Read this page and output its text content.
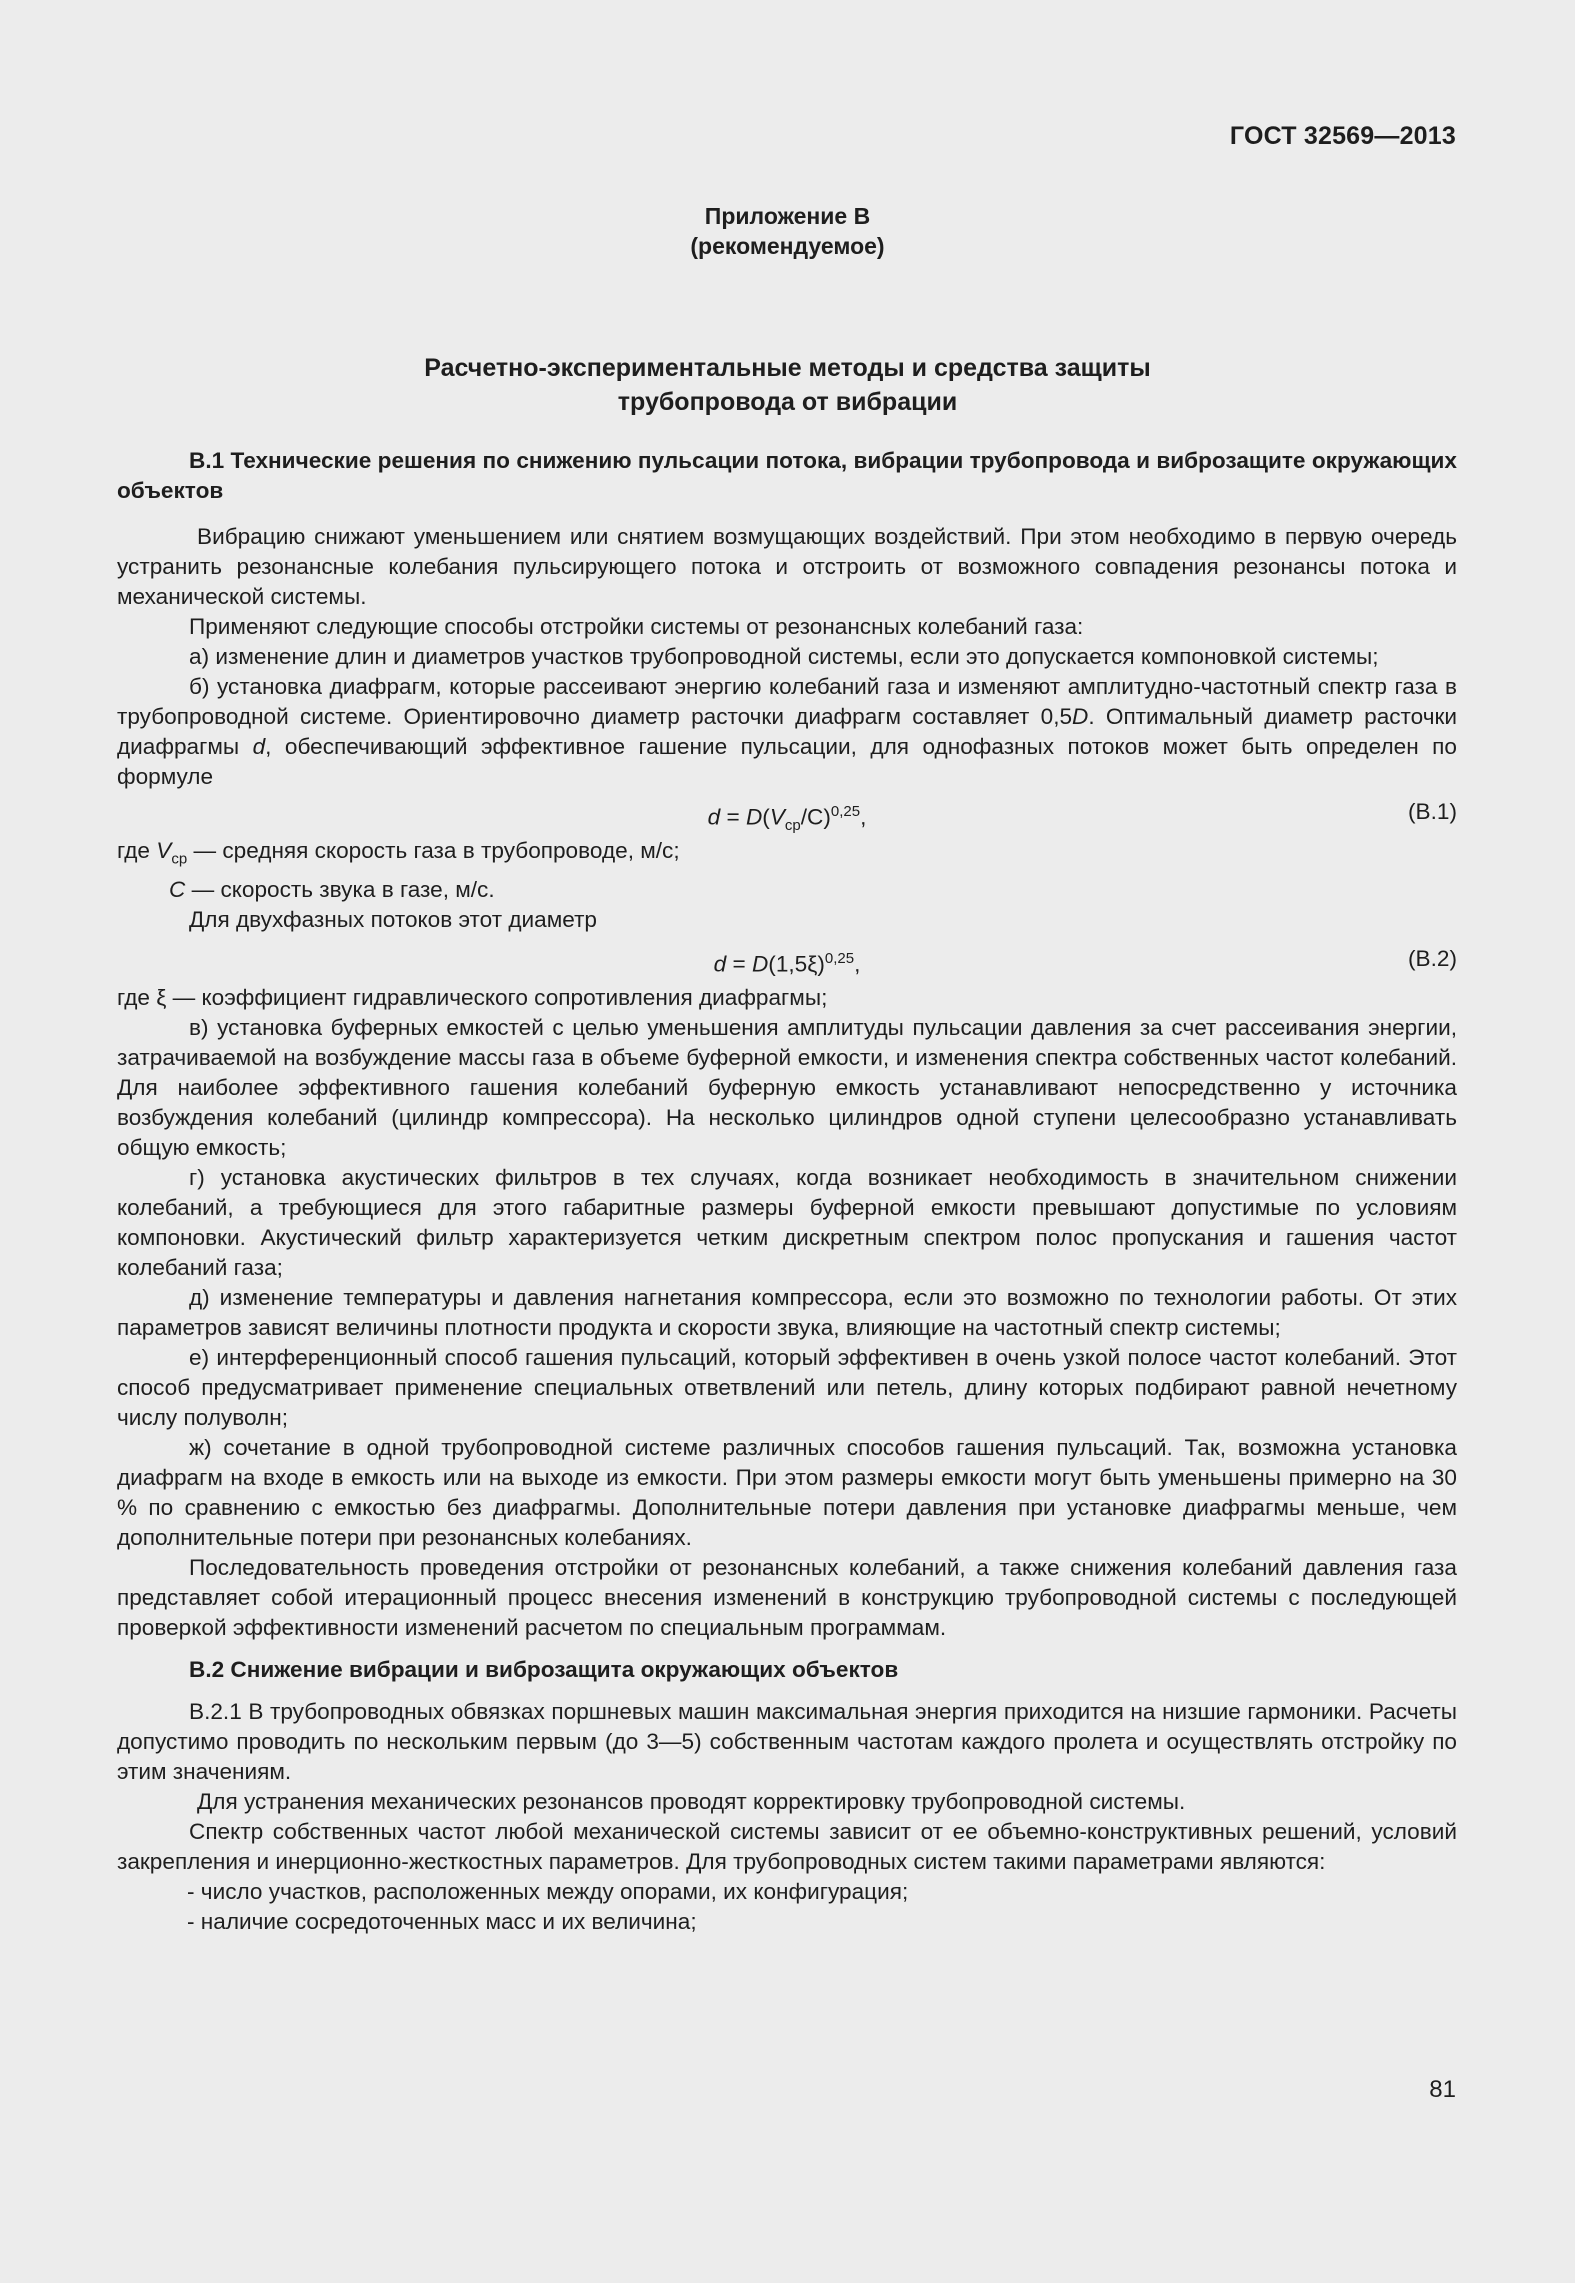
ГОСТ 32569—2013
Приложение В
(рекомендуемое)
Расчетно-экспериментальные методы и средства защиты
трубопровода от вибрации

В.1 Технические решения по снижению пульсации потока, вибрации трубопровода и виброзащите окружающих объектов

Вибрацию снижают уменьшением или снятием возмущающих воздействий. При этом необходимо в первую очередь устранить резонансные колебания пульсирующего потока и отстроить от возможного совпадения резонансы потока и механической системы.

Применяют следующие способы отстройки системы от резонансных колебаний газа:

а) изменение длин и диаметров участков трубопроводной системы, если это допускается компоновкой системы;

б) установка диафрагм, которые рассеивают энергию колебаний газа и изменяют амплитудно-частотный спектр газа в трубопроводной системе. Ориентировочно диаметр расточки диафрагм составляет 0,5D. Оптимальный диаметр расточки диафрагмы d, обеспечивающий эффективное гашение пульсации, для однофазных потоков может быть определен по формуле

$d = D(V_{ср}/C)^{0,25}$,	(В.1)

где $V_{ср}$ — средняя скорость газа в трубопроводе, м/с;

C — скорость звука в газе, м/с.

Для двухфазных потоков этот диаметр

$d = D(1,5\xi)^{0,25}$,	(В.2)

где ξ — коэффициент гидравлического сопротивления диафрагмы;

в) установка буферных емкостей с целью уменьшения амплитуды пульсации давления за счет рассеивания энергии, затрачиваемой на возбуждение массы газа в объеме буферной емкости, и изменения спектра собственных частот колебаний. Для наиболее эффективного гашения колебаний буферную емкость устанавливают непосредственно у источника возбуждения колебаний (цилиндр компрессора). На несколько цилиндров одной ступени целесообразно устанавливать общую емкость;

г) установка акустических фильтров в тех случаях, когда возникает необходимость в значительном снижении колебаний, а требующиеся для этого габаритные размеры буферной емкости превышают допустимые по условиям компоновки. Акустический фильтр характеризуется четким дискретным спектром полос пропускания и гашения частот колебаний газа;

д) изменение температуры и давления нагнетания компрессора, если это возможно по технологии работы. От этих параметров зависят величины плотности продукта и скорости звука, влияющие на частотный спектр системы;

е) интерференционный способ гашения пульсаций, который эффективен в очень узкой полосе частот колебаний. Этот способ предусматривает применение специальных ответвлений или петель, длину которых подбирают равной нечетному числу полуволн;

ж) сочетание в одной трубопроводной системе различных способов гашения пульсаций. Так, возможна установка диафрагм на входе в емкость или на выходе из емкости. При этом размеры емкости могут быть уменьшены примерно на 30 % по сравнению с емкостью без диафрагмы. Дополнительные потери давления при установке диафрагмы меньше, чем дополнительные потери при резонансных колебаниях.

Последовательность проведения отстройки от резонансных колебаний, а также снижения колебаний давления газа представляет собой итерационный процесс внесения изменений в конструкцию трубопроводной системы с последующей проверкой эффективности изменений расчетом по специальным программам.

В.2 Снижение вибрации и виброзащита окружающих объектов

В.2.1 В трубопроводных обвязках поршневых машин максимальная энергия приходится на низшие гармоники. Расчеты допустимо проводить по нескольким первым (до 3—5) собственным частотам каждого пролета и осуществлять отстройку по этим значениям.

Для устранения механических резонансов проводят корректировку трубопроводной системы.

Спектр собственных частот любой механической системы зависит от ее объемно-конструктивных решений, условий закрепления и инерционно-жесткостных параметров. Для трубопроводных систем такими параметрами являются:

- число участков, расположенных между опорами, их конфигурация;

- наличие сосредоточенных масс и их величина;

81
